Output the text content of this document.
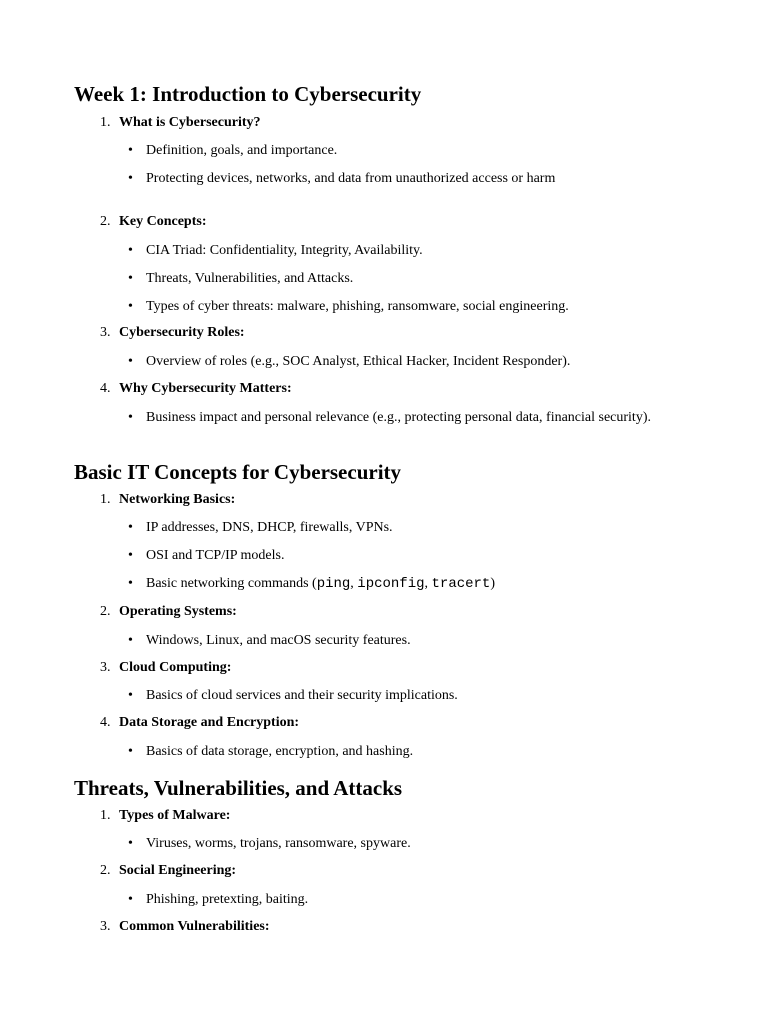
Week 1: Introduction to Cybersecurity
1. What is Cybersecurity?
• Definition, goals, and importance.
• Protecting devices, networks, and data from unauthorized access or harm
2. Key Concepts:
• CIA Triad: Confidentiality, Integrity, Availability.
• Threats, Vulnerabilities, and Attacks.
• Types of cyber threats: malware, phishing, ransomware, social engineering.
3. Cybersecurity Roles:
• Overview of roles (e.g., SOC Analyst, Ethical Hacker, Incident Responder).
4. Why Cybersecurity Matters:
• Business impact and personal relevance (e.g., protecting personal data, financial security).
Basic IT Concepts for Cybersecurity
1. Networking Basics:
• IP addresses, DNS, DHCP, firewalls, VPNs.
• OSI and TCP/IP models.
• Basic networking commands (ping, ipconfig, tracert)
2. Operating Systems:
• Windows, Linux, and macOS security features.
3. Cloud Computing:
• Basics of cloud services and their security implications.
4. Data Storage and Encryption:
• Basics of data storage, encryption, and hashing.
Threats, Vulnerabilities, and Attacks
1. Types of Malware:
• Viruses, worms, trojans, ransomware, spyware.
2. Social Engineering:
• Phishing, pretexting, baiting.
3. Common Vulnerabilities:
